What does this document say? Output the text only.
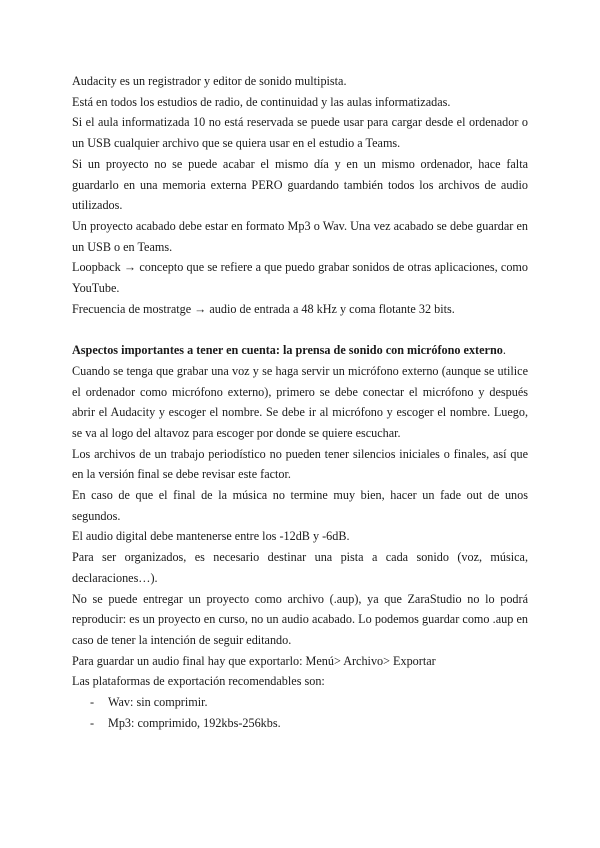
Audacity es un registrador y editor de sonido multipista.

Está en todos los estudios de radio, de continuidad y las aulas informatizadas.

Si el aula informatizada 10 no está reservada se puede usar para cargar desde el ordenador o un USB cualquier archivo que se quiera usar en el estudio a Teams.

Si un proyecto no se puede acabar el mismo día y en un mismo ordenador, hace falta guardarlo en una memoria externa PERO guardando también todos los archivos de audio utilizados.

Un proyecto acabado debe estar en formato Mp3 o Wav. Una vez acabado se debe guardar en un USB o en Teams.

Loopback → concepto que se refiere a que puedo grabar sonidos de otras aplicaciones, como YouTube.

Frecuencia de mostratge → audio de entrada a 48 kHz y coma flotante 32 bits.

Aspectos importantes a tener en cuenta: la prensa de sonido con micrófono externo.

Cuando se tenga que grabar una voz y se haga servir un micrófono externo (aunque se utilice el ordenador como micrófono externo), primero se debe conectar el micrófono y después abrir el Audacity y escoger el nombre. Se debe ir al micrófono y escoger el nombre. Luego, se va al logo del altavoz para escoger por donde se quiere escuchar.

Los archivos de un trabajo periodístico no pueden tener silencios iniciales o finales, así que en la versión final se debe revisar este factor.

En caso de que el final de la música no termine muy bien, hacer un fade out de unos segundos.

El audio digital debe mantenerse entre los -12dB y -6dB.

Para ser organizados, es necesario destinar una pista a cada sonido (voz, música, declaraciones…).

No se puede entregar un proyecto como archivo (.aup), ya que ZaraStudio no lo podrá reproducir: es un proyecto en curso, no un audio acabado. Lo podemos guardar como .aup en caso de tener la intención de seguir editando.

Para guardar un audio final hay que exportarlo: Menú> Archivo> Exportar

Las plataformas de exportación recomendables son:

- Wav: sin comprimir.
- Mp3: comprimido, 192kbs-256kbs.
